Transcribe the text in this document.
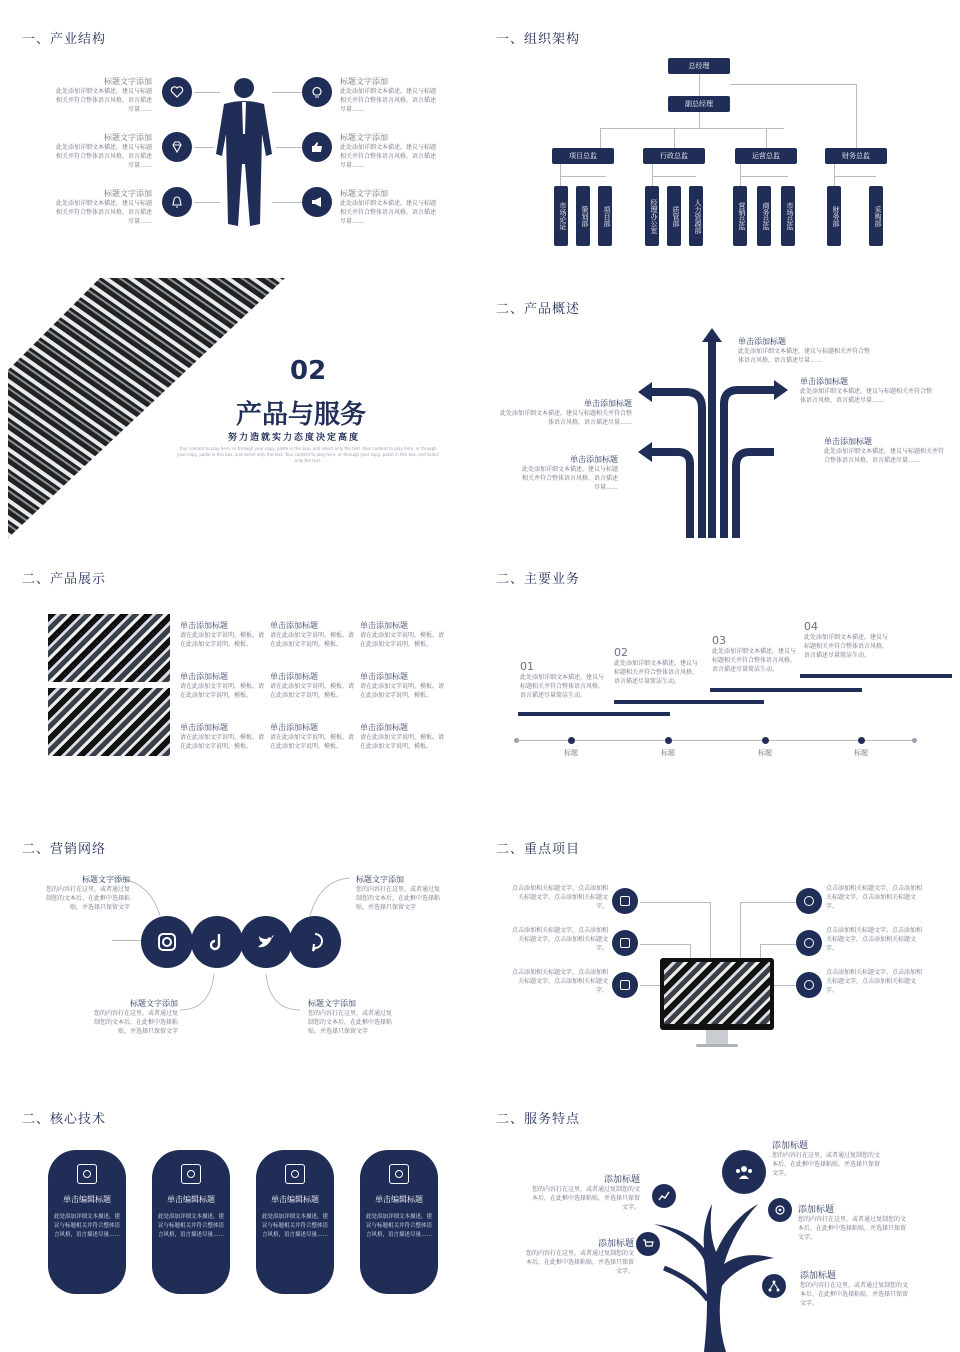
一、产业结构
标题文字添加
此处添加详细文本描述，建议与标题相关并符合整体语言风格，语言描述尽量……
标题文字添加
此处添加详细文本描述，建议与标题相关并符合整体语言风格，语言描述尽量……
标题文字添加
此处添加详细文本描述，建议与标题相关并符合整体语言风格，语言描述尽量……
标题文字添加
此处添加详细文本描述，建议与标题相关并符合整体语言风格，语言描述尽量……
标题文字添加
此处添加详细文本描述，建议与标题相关并符合整体语言风格，语言描述尽量……
标题文字添加
此处添加详细文本描述，建议与标题相关并符合整体语言风格，语言描述尽量……
一、组织架构
总经理
副总经理
项目总监	行政总监	运营总监	财务总监
市场论证	策划部	项目部	经理办公室	质管部	人力资源部	营销总监	商务总监	市场总监	财务部	采购部
02
产品与服务
努力造就实力态度决定高度
Your content to play here, or through your copy, paste in this box, and select only the text. Your content to play here, or through your copy, paste in this box, and select only the text. Your content to play here, or through your copy, paste in this box, and select only the text.
二、产品概述
单击添加标题
此处添加详细文本描述，建议与标题相关并符合整体语言风格，语言描述尽量……
单击添加标题
此处添加详细文本描述，建议与标题相关并符合整体语言风格，语言描述尽量……
单击添加标题
此处添加详细文本描述，建议与标题相关并符合整体语言风格，语言描述尽量……
单击添加标题
此处添加详细文本描述，建议与标题相关并符合整体语言风格，语言描述尽量……
单击添加标题
此处添加详细文本描述，建议与标题相关并符合整体语言风格，语言描述尽量……
二、产品展示
单击添加标题
请在此添加文字说明，模板。请在此添加文字说明，模板。
单击添加标题
请在此添加文字说明，模板。请在此添加文字说明，模板。
单击添加标题
请在此添加文字说明，模板。请在此添加文字说明，模板。
单击添加标题
请在此添加文字说明，模板。请在此添加文字说明，模板。
单击添加标题
请在此添加文字说明，模板。请在此添加文字说明，模板。
单击添加标题
请在此添加文字说明，模板。请在此添加文字说明，模板。
单击添加标题
请在此添加文字说明，模板。请在此添加文字说明，模板。
单击添加标题
请在此添加文字说明，模板。请在此添加文字说明，模板。
单击添加标题
请在此添加文字说明，模板。请在此添加文字说明，模板。
二、主要业务
01
此处添加详细文本描述，建议与标题相关并符合整体语言风格，语言描述尽量简洁生动。
02
此处添加详细文本描述，建议与标题相关并符合整体语言风格，语言描述尽量简洁生动。
03
此处添加详细文本描述，建议与标题相关并符合整体语言风格，语言描述尽量简洁生动。
04
此处添加详细文本描述，建议与标题相关并符合整体语言风格，语言描述尽量简洁生动。
标题	标题	标题	标题
二、营销网络
标题文字添加
您的内容打在这里，或者通过复制您的文本后，在此框中选择粘贴，并选择只保留文字
标题文字添加
您的内容打在这里，或者通过复制您的文本后，在此框中选择粘贴，并选择只保留文字
标题文字添加
您的内容打在这里，或者通过复制您的文本后，在此框中选择粘贴，并选择只保留文字
标题文字添加
您的内容打在这里，或者通过复制您的文本后，在此框中选择粘贴，并选择只保留文字
二、重点项目
点击添加相关标题文字，点击添加相关标题文字，点击添加相关标题文字。
点击添加相关标题文字，点击添加相关标题文字，点击添加相关标题文字。
点击添加相关标题文字，点击添加相关标题文字，点击添加相关标题文字。
点击添加相关标题文字，点击添加相关标题文字，点击添加相关标题文字。
点击添加相关标题文字，点击添加相关标题文字，点击添加相关标题文字。
点击添加相关标题文字，点击添加相关标题文字，点击添加相关标题文字。
二、核心技术
单击编辑标题
此处添加详细文本描述，建议与标题相关并符合整体语言风格，语言描述尽量……
单击编辑标题
此处添加详细文本描述，建议与标题相关并符合整体语言风格，语言描述尽量……
单击编辑标题
此处添加详细文本描述，建议与标题相关并符合整体语言风格，语言描述尽量……
单击编辑标题
此处添加详细文本描述，建议与标题相关并符合整体语言风格，语言描述尽量……
二、服务特点
添加标题
您的内容打在这里，或者通过复制您的文本后，在此框中选择粘贴，并选择只保留文字。
添加标题
您的内容打在这里，或者通过复制您的文本后，在此框中选择粘贴，并选择只保留文字。	添加标题
您的内容打在这里，或者通过复制您的文本后，在此框中选择粘贴，并选择只保留文字。
添加标题
您的内容打在这里，或者通过复制您的文本后，在此框中选择粘贴，并选择只保留文字。	添加标题
您的内容打在这里，或者通过复制您的文本后，在此框中选择粘贴，并选择只保留文字。
